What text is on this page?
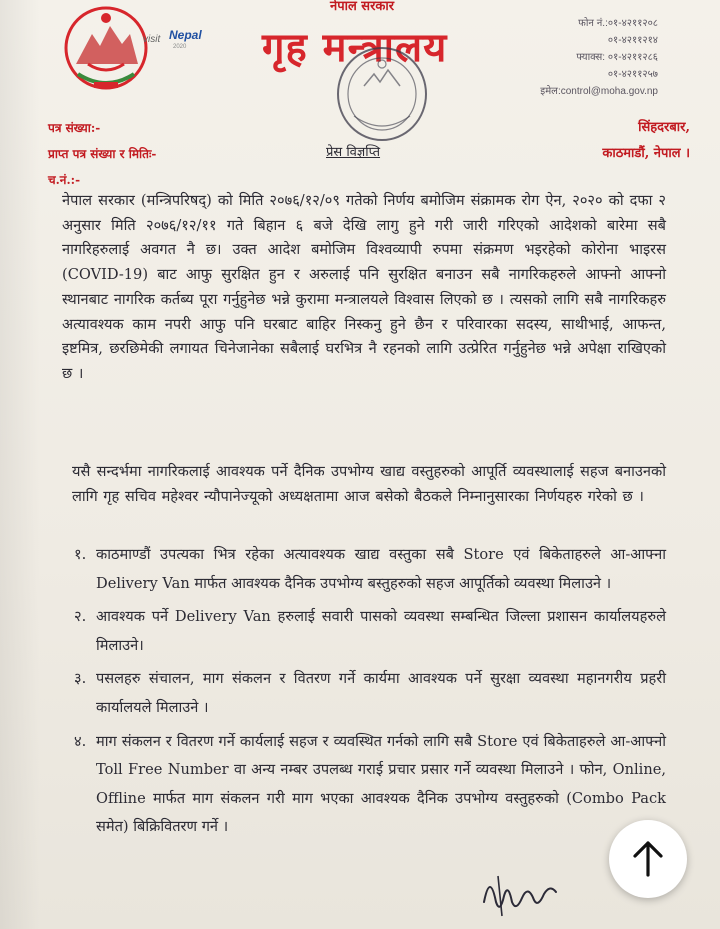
visit Nepal
2020
नेपाल सरकार
गृह मन्त्रालय
फोन नं.:०१-४२११२०८
०१-४२११२१४
फ्याक्स: ०१-४२११२८६
०१-४२११२५७
इमेल:control@moha.gov.np
पत्र संख्या:-
प्राप्त पत्र संख्या र मितिः-
च.नं.:-
सिंहदरबार,
काठमाडौं, नेपाल ।
प्रेस विज्ञप्ति
नेपाल सरकार (मन्त्रिपरिषद्) को मिति २०७६/१२/०९ गतेको निर्णय बमोजिम संक्रामक रोग ऐन, २०२० को दफा २ अनुसार मिति २०७६/१२/११ गते बिहान ६ बजे देखि लागु हुने गरी जारी गरिएको आदेशको बारेमा सबै नागरिहरुलाई अवगत नै छ। उक्त आदेश बमोजिम विश्वव्यापी रुपमा संक्रमण भइरहेको कोरोना भाइरस (COVID-19) बाट आफु सुरक्षित हुन र अरुलाई पनि सुरक्षित बनाउन सबै नागरिकहरुले आफ्नो आफ्नो स्थानबाट नागरिक कर्तब्य पूरा गर्नुहुनेछ भन्ने कुरामा मन्त्रालयले विश्वास लिएको छ । त्यसको लागि सबै नागरिकहरु अत्यावश्यक काम नपरी आफु पनि घरबाट बाहिर निस्कनु हुने छैन र परिवारका सदस्य, साथीभाई, आफन्त, इष्टमित्र, छरछिमेकी लगायत चिनेजानेका सबैलाई घरभित्र नै रहनको लागि उत्प्रेरित गर्नुहुनेछ भन्ने अपेक्षा राखिएको छ ।
यसै सन्दर्भमा नागरिकलाई आवश्यक पर्ने दैनिक उपभोग्य खाद्य वस्तुहरुको आपूर्ति व्यवस्थालाई सहज बनाउनको लागि गृह सचिव महेश्वर न्यौपानेज्यूको अध्यक्षतामा आज बसेको बैठकले निम्नानुसारका निर्णयहरु गरेको छ ।
१. काठमाण्डौं उपत्यका भित्र रहेका अत्यावश्यक खाद्य वस्तुका सबै Store एवं बिकेताहरुले आ-आफ्ना Delivery Van मार्फत आवश्यक दैनिक उपभोग्य बस्तुहरुको सहज आपूर्तिको व्यवस्था मिलाउने ।
२. आवश्यक पर्ने Delivery Van हरुलाई सवारी पासको व्यवस्था सम्बन्धित जिल्ला प्रशासन कार्यालयहरुले मिलाउने।
३. पसलहरु संचालन, माग संकलन र वितरण गर्ने कार्यमा आवश्यक पर्ने सुरक्षा व्यवस्था महानगरीय प्रहरी कार्यालयले मिलाउने ।
४. माग संकलन र वितरण गर्ने कार्यलाई सहज र व्यवस्थित गर्नको लागि सबै Store एवं बिकेताहरुले आ-आफ्नो Toll Free Number वा अन्य नम्बर उपलब्ध गराई प्रचार प्रसार गर्ने व्यवस्था मिलाउने । फोन, Online, Offline मार्फत माग संकलन गरी माग भएका आवश्यक दैनिक उपभोग्य वस्तुहरुको (Combo Pack समेत) बिक्रिवितरण गर्ने ।
